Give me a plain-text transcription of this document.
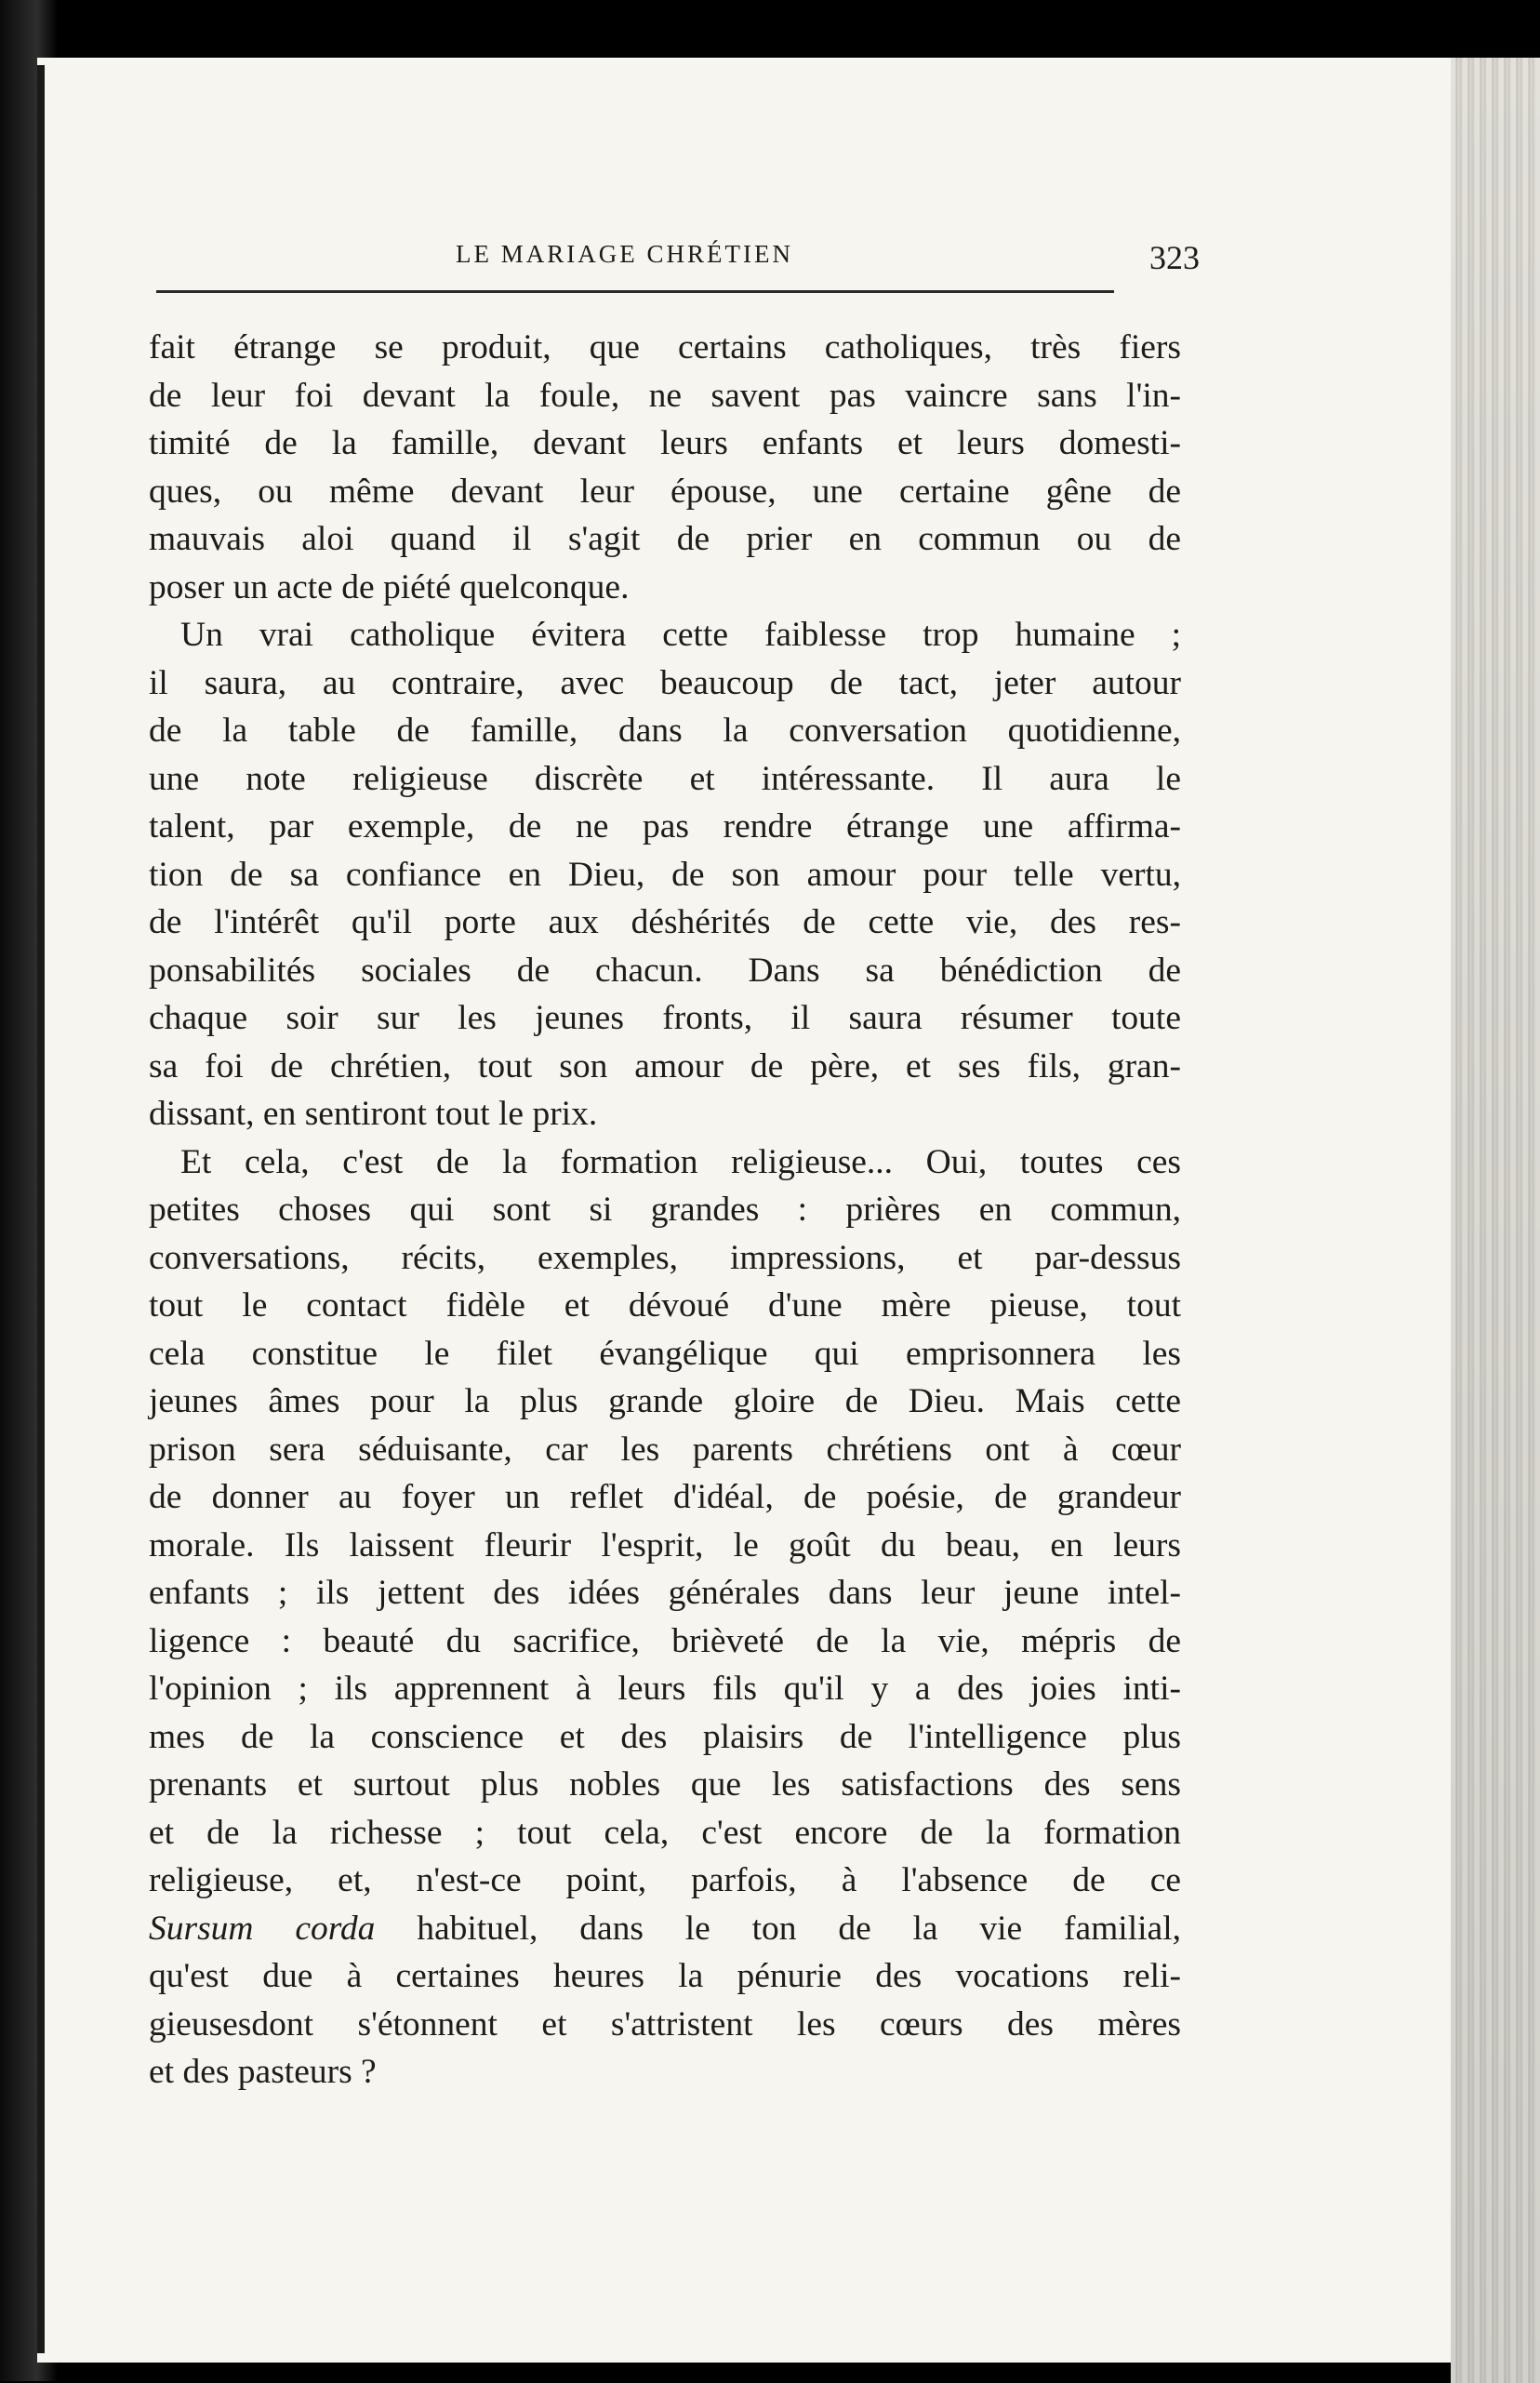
LE MARIAGE CHRÉTIEN	323
fait étrange se produit, que certains catholiques, très fiers
de leur foi devant la foule, ne savent pas vaincre sans l'in-
timité de la famille, devant leurs enfants et leurs domesti-
ques, ou même devant leur épouse, une certaine gêne de
mauvais aloi quand il s'agit de prier en commun ou de
poser un acte de piété quelconque.
Un vrai catholique évitera cette faiblesse trop humaine ;
il saura, au contraire, avec beaucoup de tact, jeter autour
de la table de famille, dans la conversation quotidienne,
une note religieuse discrète et intéressante. Il aura le
talent, par exemple, de ne pas rendre étrange une affirma-
tion de sa confiance en Dieu, de son amour pour telle vertu,
de l'intérêt qu'il porte aux déshérités de cette vie, des res-
ponsabilités sociales de chacun. Dans sa bénédiction de
chaque soir sur les jeunes fronts, il saura résumer toute
sa foi de chrétien, tout son amour de père, et ses fils, gran-
dissant, en sentiront tout le prix.
Et cela, c'est de la formation religieuse... Oui, toutes ces
petites choses qui sont si grandes : prières en commun,
conversations, récits, exemples, impressions, et par-dessus
tout le contact fidèle et dévoué d'une mère pieuse, tout
cela constitue le filet évangélique qui emprisonnera les
jeunes âmes pour la plus grande gloire de Dieu. Mais cette
prison sera séduisante, car les parents chrétiens ont à cœur
de donner au foyer un reflet d'idéal, de poésie, de grandeur
morale. Ils laissent fleurir l'esprit, le goût du beau, en leurs
enfants ; ils jettent des idées générales dans leur jeune intel-
ligence : beauté du sacrifice, brièveté de la vie, mépris de
l'opinion ; ils apprennent à leurs fils qu'il y a des joies inti-
mes de la conscience et des plaisirs de l'intelligence plus
prenants et surtout plus nobles que les satisfactions des sens
et de la richesse ; tout cela, c'est encore de la formation
religieuse, et, n'est-ce point, parfois, à l'absence de ce
Sursum corda habituel, dans le ton de la vie familial,
qu'est due à certaines heures la pénurie des vocations reli-
gieusesdont s'étonnent et s'attristent les cœurs des mères
et des pasteurs ?
